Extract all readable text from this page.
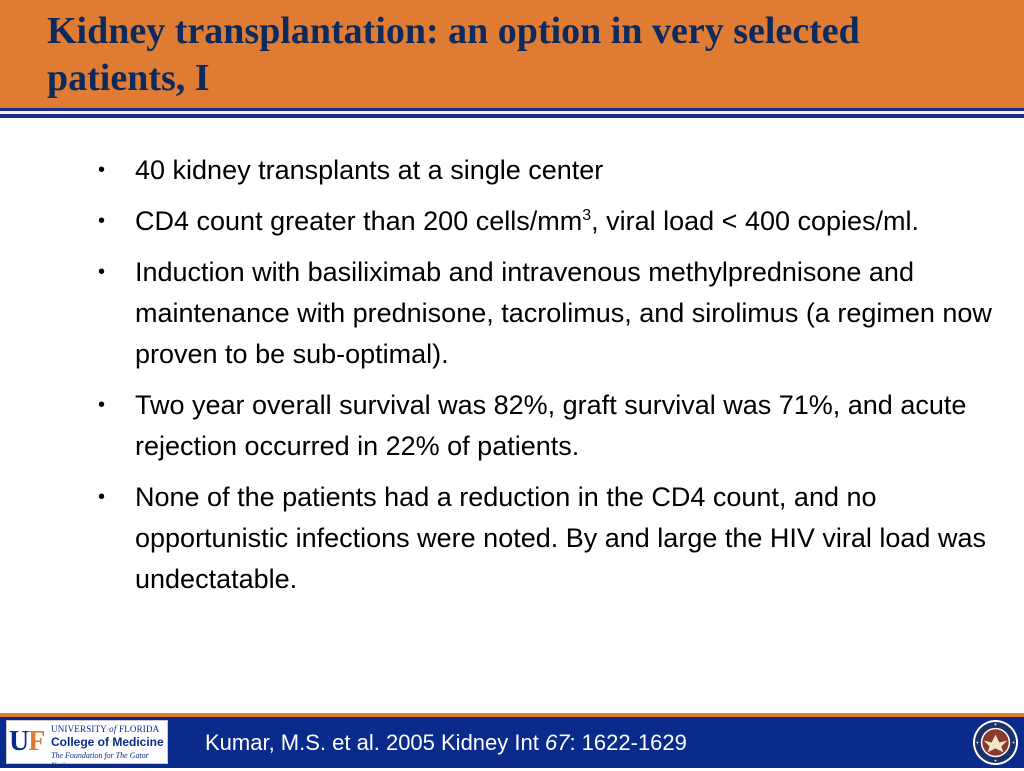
Kidney transplantation: an option in very selected patients, I
• 40 kidney transplants at a single center
• CD4 count greater than 200 cells/$mm^3$, viral load < 400 copies/ml.
• Induction with basiliximab and intravenous methylprednisone and maintenance with prednisone, tacrolimus, and sirolimus (a regimen now proven to be sub-optimal).
• Two year overall survival was 82%, graft survival was 71%, and acute rejection occurred in 22% of patients.
• None of the patients had a reduction in the CD4 count, and no opportunistic infections were noted. By and large the HIV viral load was undectatable.
UF UNIVERSITY of FLORIDA
College of Medicine
The Foundation for The Gator Nation
Kumar, M.S. et al. 2005 Kidney Int 67: 1622-1629
